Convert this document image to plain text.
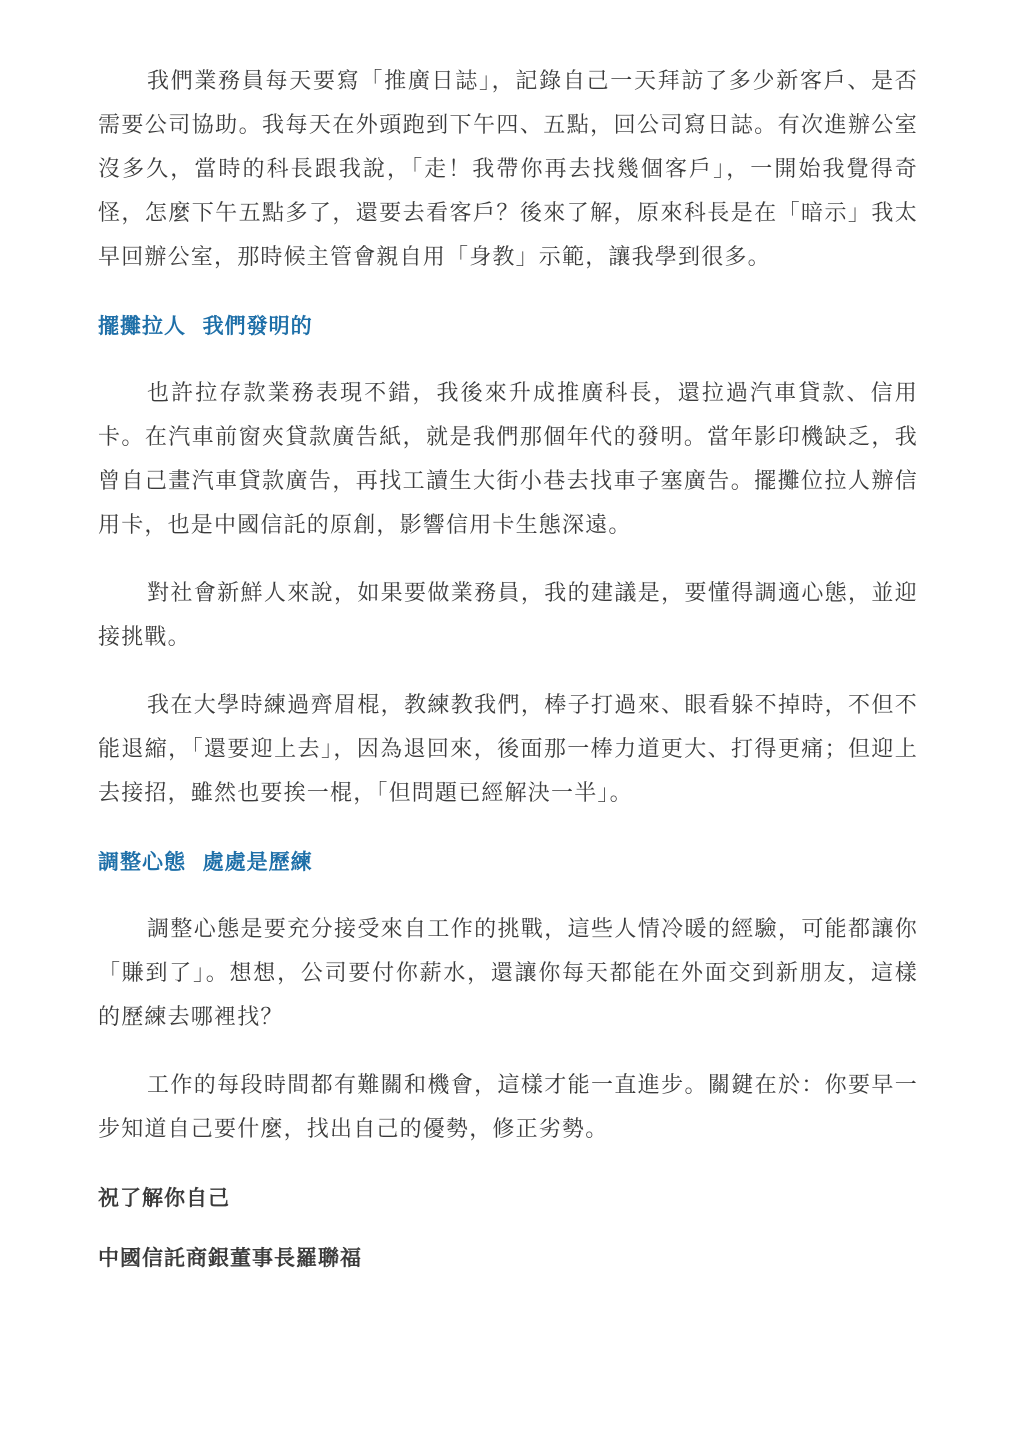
我們業務員每天要寫「推廣日誌」，記錄自己一天拜訪了多少新客戶、是否需要公司協助。我每天在外頭跑到下午四、五點，回公司寫日誌。有次進辦公室沒多久，當時的科長跟我說，「走！我帶你再去找幾個客戶」，一開始我覺得奇怪，怎麼下午五點多了，還要去看客戶？後來了解，原來科長是在「暗示」我太早回辦公室，那時候主管會親自用「身教」示範，讓我學到很多。

擺攤拉人  我們發明的

也許拉存款業務表現不錯，我後來升成推廣科長，還拉過汽車貸款、信用卡。在汽車前窗夾貸款廣告紙，就是我們那個年代的發明。當年影印機缺乏，我曾自己畫汽車貸款廣告，再找工讀生大街小巷去找車子塞廣告。擺攤位拉人辦信用卡，也是中國信託的原創，影響信用卡生態深遠。

對社會新鮮人來說，如果要做業務員，我的建議是，要懂得調適心態，並迎接挑戰。

我在大學時練過齊眉棍，教練教我們，棒子打過來、眼看躲不掉時，不但不能退縮，「還要迎上去」，因為退回來，後面那一棒力道更大、打得更痛；但迎上去接招，雖然也要挨一棍，「但問題已經解決一半」。

調整心態  處處是歷練

調整心態是要充分接受來自工作的挑戰，這些人情冷暖的經驗，可能都讓你「賺到了」。想想，公司要付你薪水，還讓你每天都能在外面交到新朋友，這樣的歷練去哪裡找？

工作的每段時間都有難關和機會，這樣才能一直進步。關鍵在於：你要早一步知道自己要什麼，找出自己的優勢，修正劣勢。

祝了解你自己
中國信託商銀董事長羅聯福
